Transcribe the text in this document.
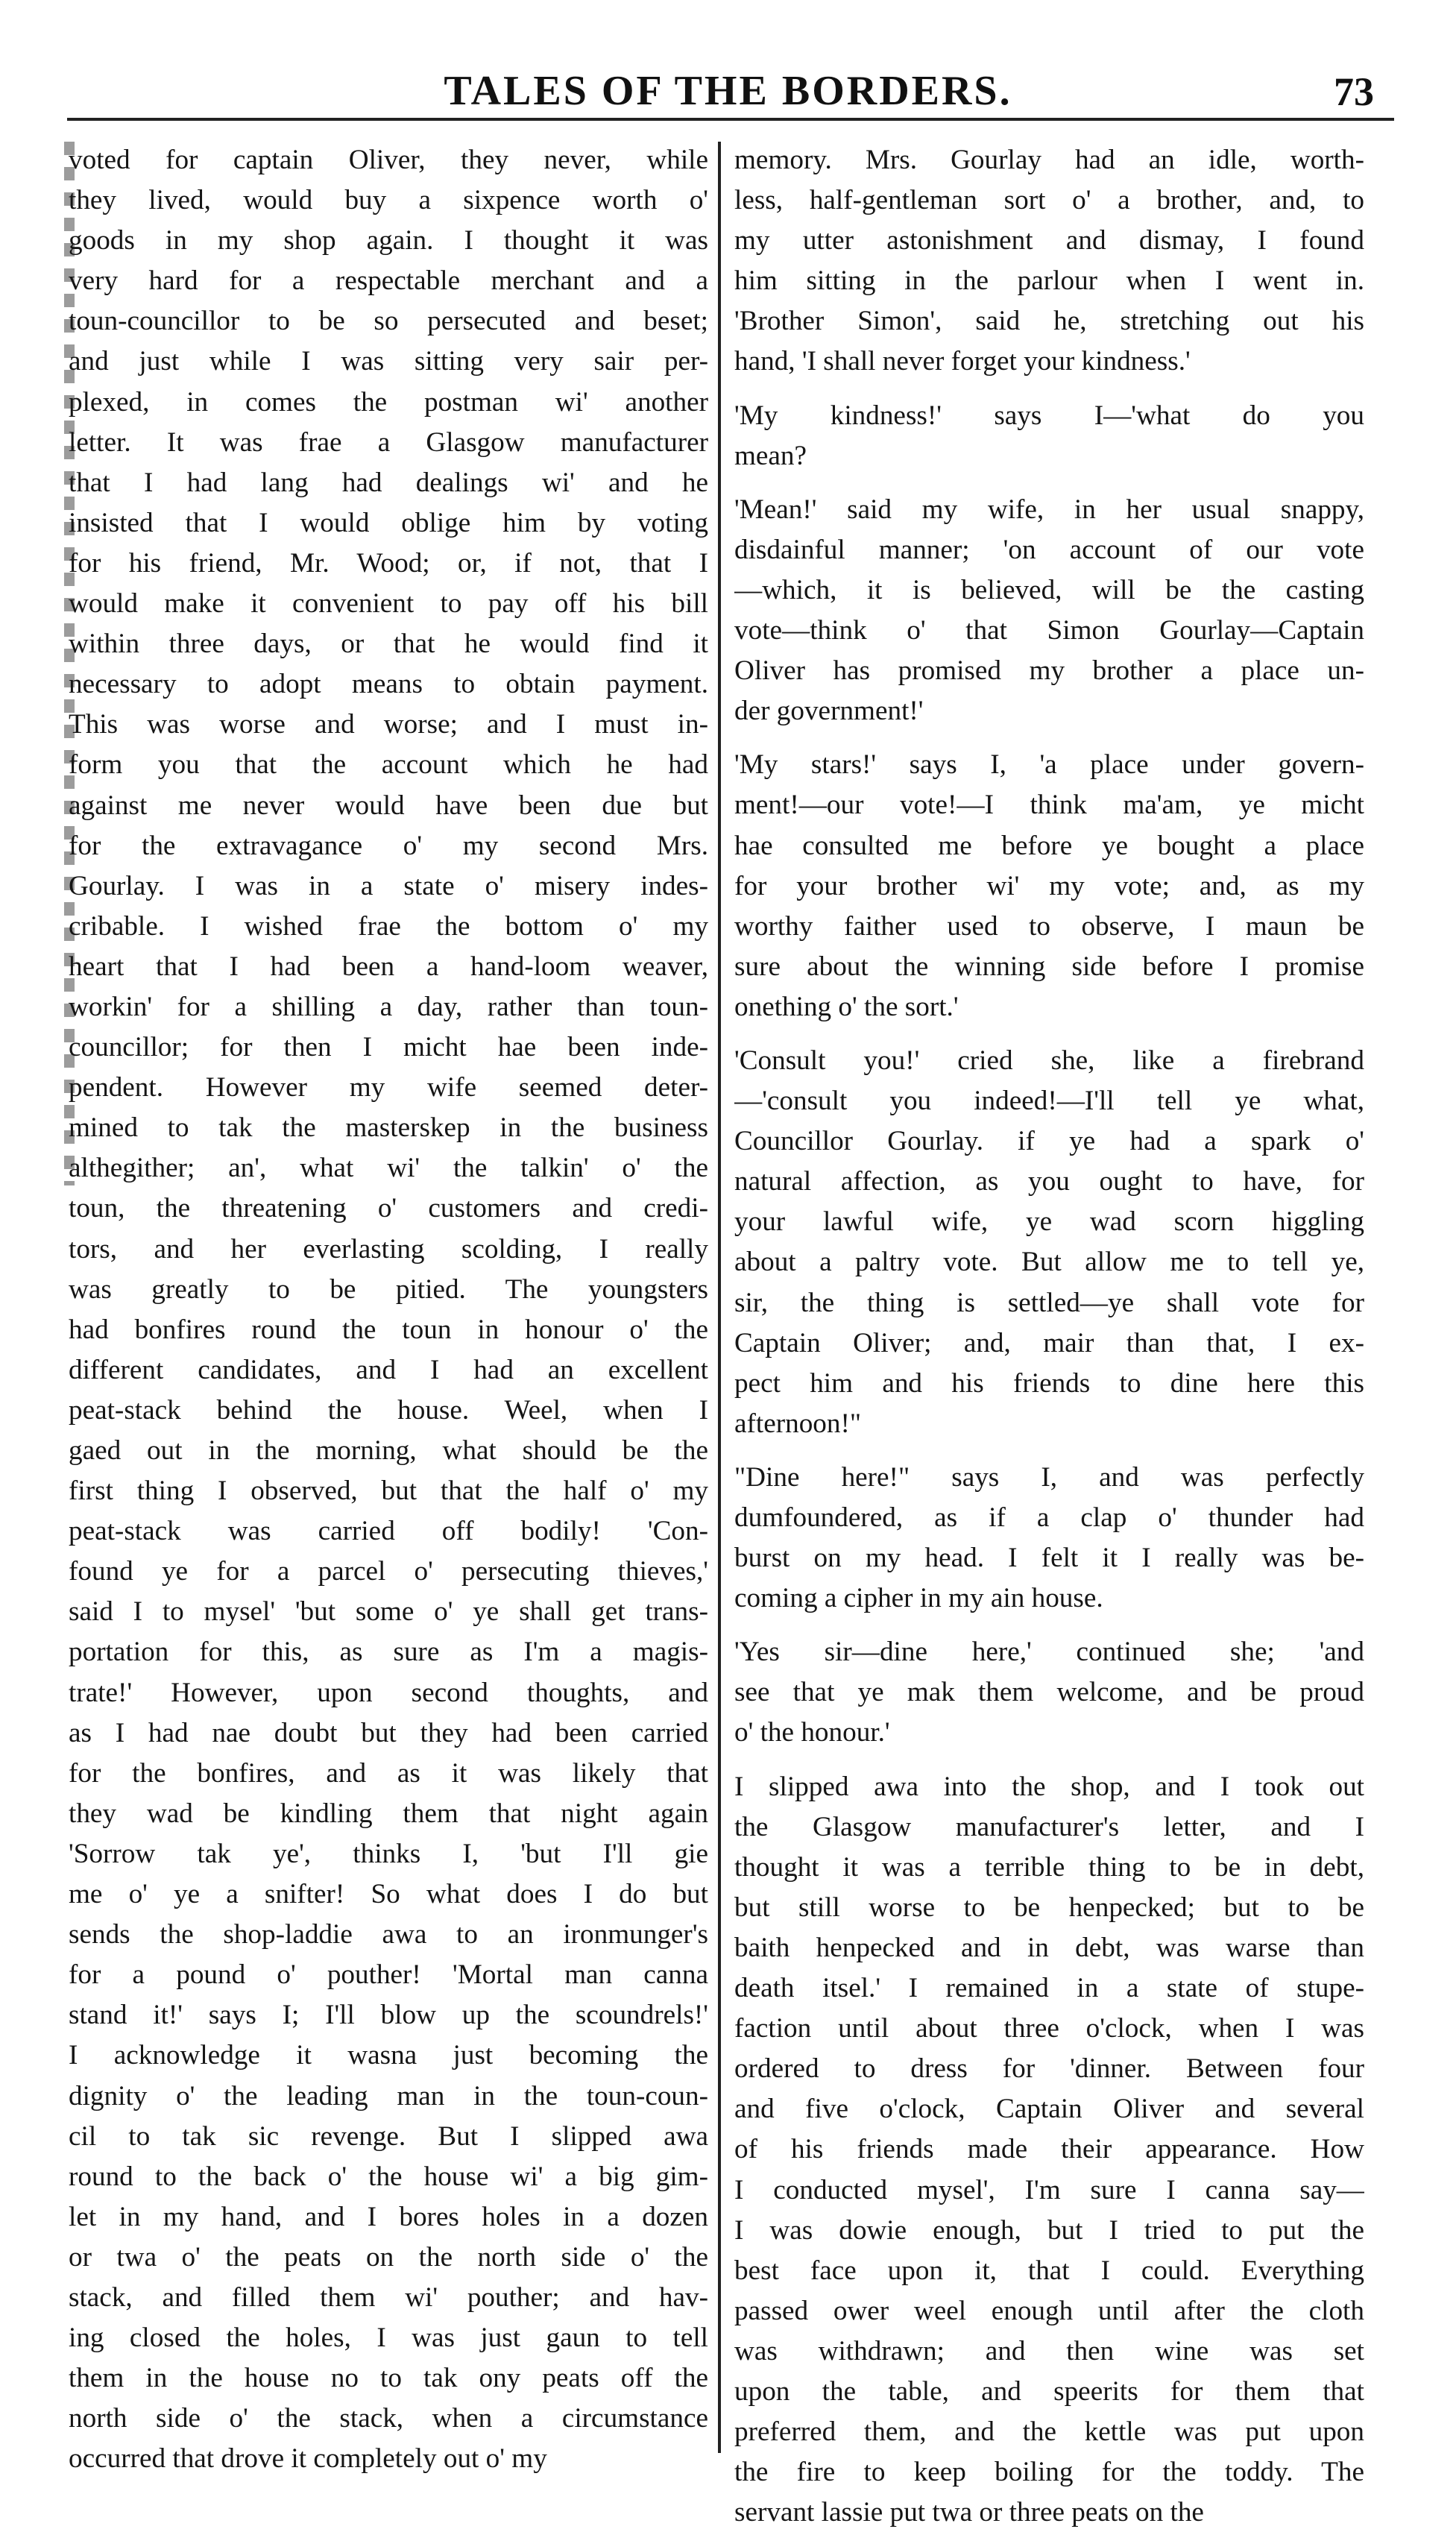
TALES OF THE BORDERS.	73
voted for captain Oliver, they never, while
they lived, would buy a sixpence worth o'
goods in my shop again. I thought it was
very hard for a respectable merchant and a
toun-councillor to be so persecuted and beset;
and just while I was sitting very sair per-
plexed, in comes the postman wi' another
letter. It was frae a Glasgow manufacturer
that I had lang had dealings wi' and he
insisted that I would oblige him by voting
for his friend, Mr. Wood; or, if not, that I
would make it convenient to pay off his bill
within three days, or that he would find it
necessary to adopt means to obtain payment.
This was worse and worse; and I must in-
form you that the account which he had
against me never would have been due but
for the extravagance o' my second Mrs.
Gourlay. I was in a state o' misery indes-
cribable. I wished frae the bottom o' my
heart that I had been a hand-loom weaver,
workin' for a shilling a day, rather than toun-
councillor; for then I micht hae been inde-
pendent. However my wife seemed deter-
mined to tak the masterskep in the business
althegither; an', what wi' the talkin' o' the
toun, the threatening o' customers and credi-
tors, and her everlasting scolding, I really
was greatly to be pitied. The youngsters
had bonfires round the toun in honour o' the
different candidates, and I had an excellent
peat-stack behind the house. Weel, when I
gaed out in the morning, what should be the
first thing I observed, but that the half o' my
peat-stack was carried off bodily! 'Con-
found ye for a parcel o' persecuting thieves,'
said I to mysel' 'but some o' ye shall get trans-
portation for this, as sure as I'm a magis-
trate!' However, upon second thoughts, and
as I had nae doubt but they had been carried
for the bonfires, and as it was likely that
they wad be kindling them that night again
'Sorrow tak ye', thinks I, 'but I'll gie
me o' ye a snifter! So what does I do but
sends the shop-laddie awa to an ironmunger's
for a pound o' pouther! 'Mortal man canna
stand it!' says I; I'll blow up the scoundrels!'
I acknowledge it wasna just becoming the
dignity o' the leading man in the toun-coun-
cil to tak sic revenge. But I slipped awa
round to the back o' the house wi' a big gim-
let in my hand, and I bores holes in a dozen
or twa o' the peats on the north side o' the
stack, and filled them wi' pouther; and hav-
ing closed the holes, I was just gaun to tell
them in the house no to tak ony peats off the
north side o' the stack, when a circumstance
occurred that drove it completely out o' my
memory. Mrs. Gourlay had an idle, worth-
less, half-gentleman sort o' a brother, and, to
my utter astonishment and dismay, I found
him sitting in the parlour when I went in.
'Brother Simon', said he, stretching out his
hand, 'I shall never forget your kindness.'
'My kindness!' says I—'what do you
mean?
'Mean!' said my wife, in her usual snappy,
disdainful manner; 'on account of our vote
—which, it is believed, will be the casting
vote—think o' that Simon Gourlay—Captain
Oliver has promised my brother a place un-
der government!'
'My stars!' says I, 'a place under govern-
ment!—our vote!—I think ma'am, ye micht
hae consulted me before ye bought a place
for your brother wi' my vote; and, as my
worthy faither used to observe, I maun be
sure about the winning side before I promise
onething o' the sort.'
'Consult you!' cried she, like a firebrand
—'consult you indeed!—I'll tell ye what,
Councillor Gourlay. if ye had a spark o'
natural affection, as you ought to have, for
your lawful wife, ye wad scorn higgling
about a paltry vote. But allow me to tell ye,
sir, the thing is settled—ye shall vote for
Captain Oliver; and, mair than that, I ex-
pect him and his friends to dine here this
afternoon!"
"Dine here!" says I, and was perfectly
dumfoundered, as if a clap o' thunder had
burst on my head. I felt it I really was be-
coming a cipher in my ain house.
'Yes sir—dine here,' continued she; 'and
see that ye mak them welcome, and be proud
o' the honour.'
I slipped awa into the shop, and I took out
the Glasgow manufacturer's letter, and I
thought it was a terrible thing to be in debt,
but still worse to be henpecked; but to be
baith henpecked and in debt, was warse than
death itsel.' I remained in a state of stupe-
faction until about three o'clock, when I was
ordered to dress for 'dinner. Between four
and five o'clock, Captain Oliver and several
of his friends made their appearance. How
I conducted mysel', I'm sure I canna say—
I was dowie enough, but I tried to put the
best face upon it, that I could. Everything
passed ower weel enough until after the cloth
was withdrawn; and then wine was set
upon the table, and speerits for them that
preferred them, and the kettle was put upon
the fire to keep boiling for the toddy. The
servant lassie put twa or three peats on the
